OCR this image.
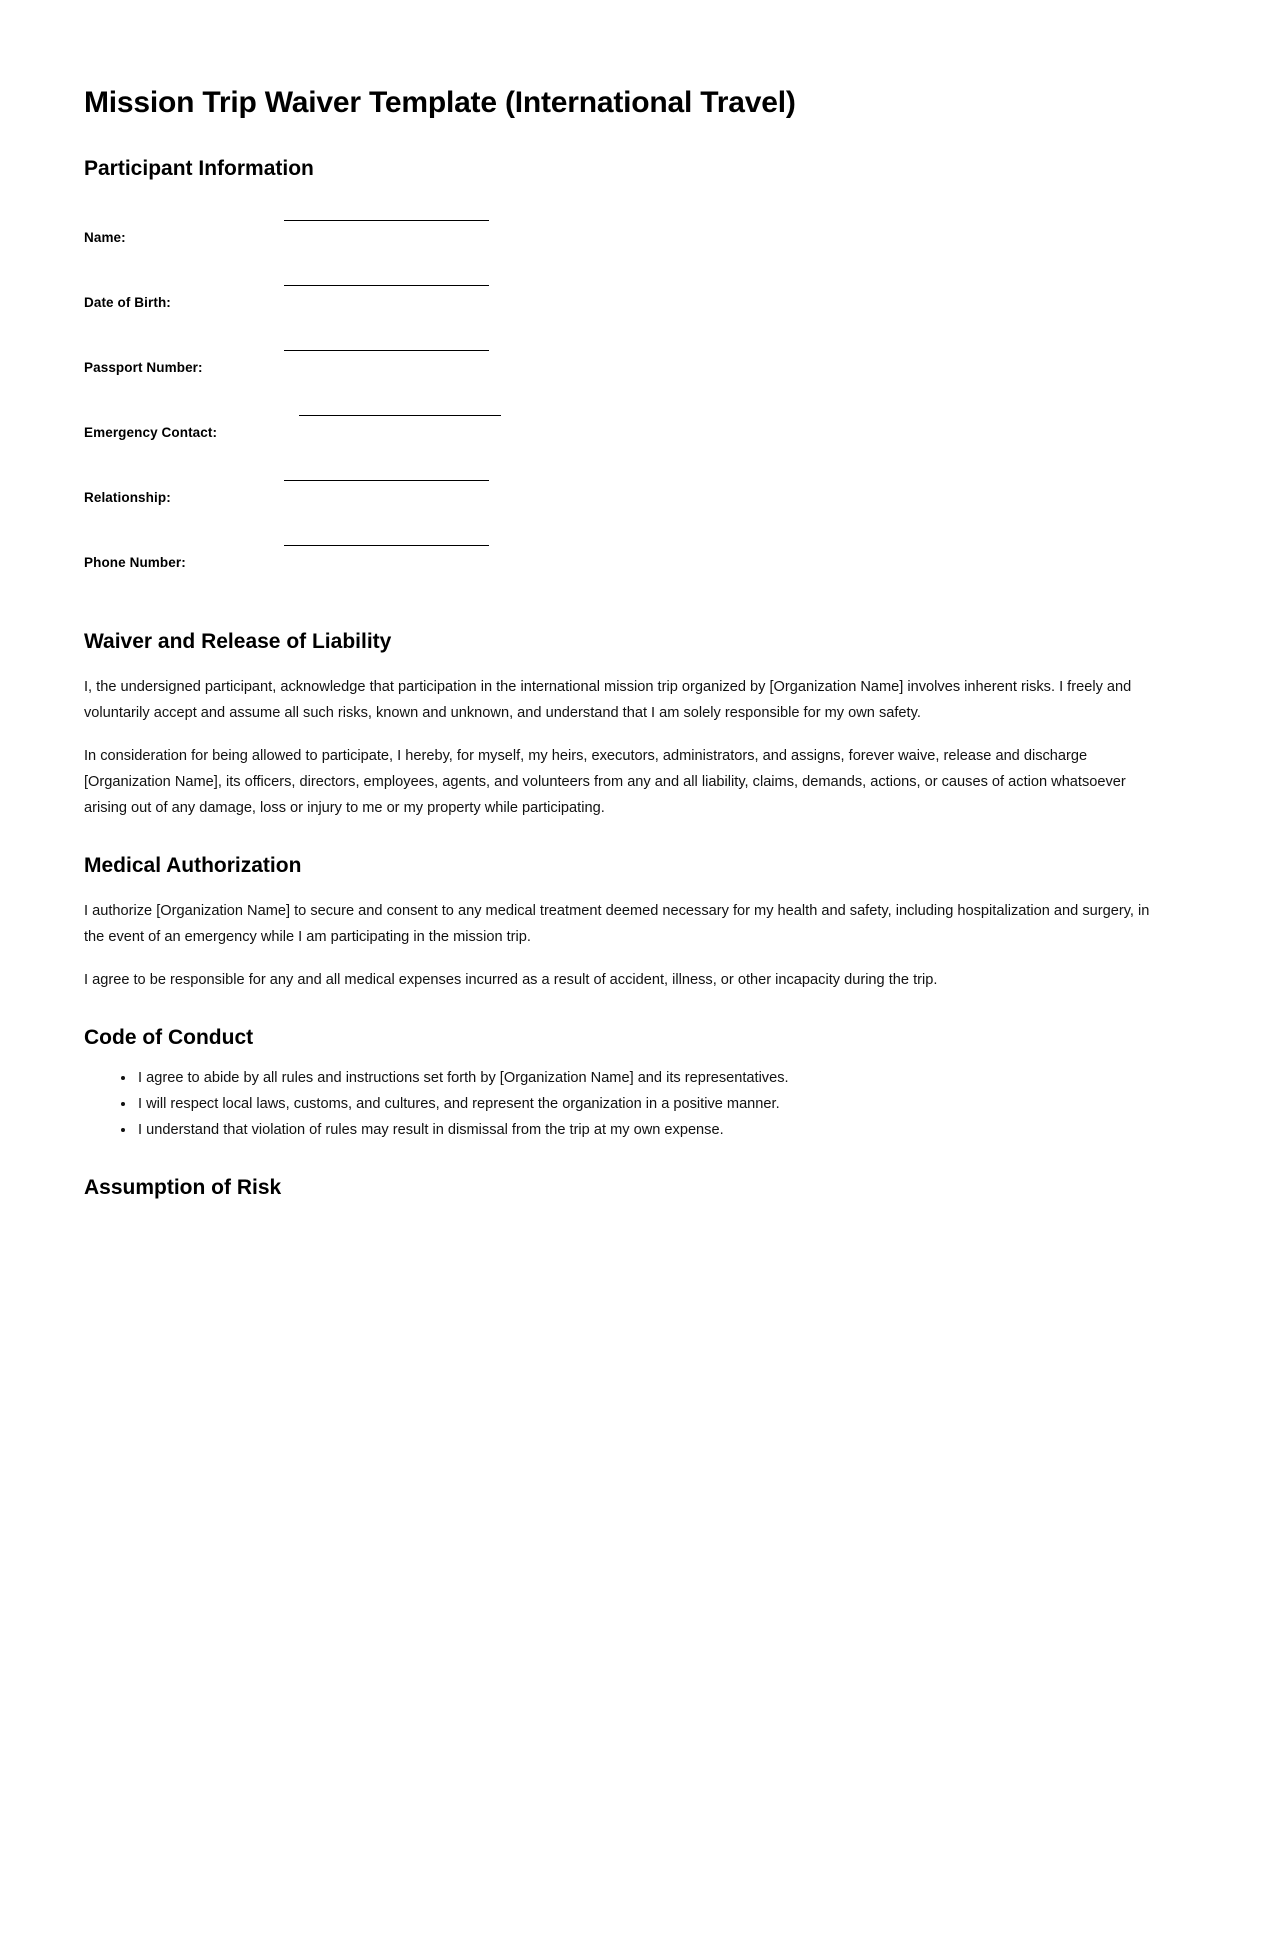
Mission Trip Waiver Template (International Travel)
Participant Information
Name:
Date of Birth:
Passport Number:
Emergency Contact:
Relationship:
Phone Number:
Waiver and Release of Liability

I, the undersigned participant, acknowledge that participation in the international mission trip organized by [Organization Name] involves inherent risks. I freely and voluntarily accept and assume all such risks, known and unknown, and understand that I am solely responsible for my own safety.

In consideration for being allowed to participate, I hereby, for myself, my heirs, executors, administrators, and assigns, forever waive, release and discharge [Organization Name], its officers, directors, employees, agents, and volunteers from any and all liability, claims, demands, actions, or causes of action whatsoever arising out of any damage, loss or injury to me or my property while participating.

Medical Authorization

I authorize [Organization Name] to secure and consent to any medical treatment deemed necessary for my health and safety, including hospitalization and surgery, in the event of an emergency while I am participating in the mission trip.

I agree to be responsible for any and all medical expenses incurred as a result of accident, illness, or other incapacity during the trip.

Code of Conduct
I agree to abide by all rules and instructions set forth by [Organization Name] and its representatives.
I will respect local laws, customs, and cultures, and represent the organization in a positive manner.
I understand that violation of rules may result in dismissal from the trip at my own expense.
Assumption of Risk
